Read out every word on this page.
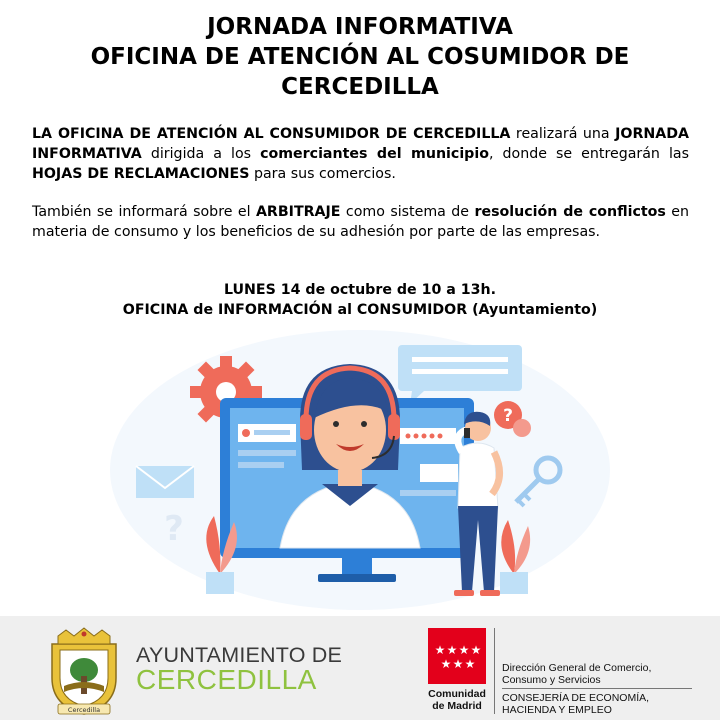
JORNADA INFORMATIVA
OFICINA DE ATENCIÓN AL COSUMIDOR DE
CERCEDILLA

LA OFICINA DE ATENCIÓN AL CONSUMIDOR DE CERCEDILLA realizará una JORNADA INFORMATIVA dirigida a los comerciantes del municipio, donde se entregarán las HOJAS DE RECLAMACIONES para sus comercios.

También se informará sobre el ARBITRAJE como sistema de resolución de conflictos en materia de consumo y los beneficios de su adhesión por parte de las empresas.

LUNES 14 de octubre de 10 a 13h.
OFICINA de INFORMACIÓN al CONSUMIDOR (Ayuntamiento)
?
?
Cercedilla
AYUNTAMIENTO DE
CERCEDILLA
★ ★ ★ ★
★ ★ ★
Comunidad
de Madrid
Dirección General de Comercio,
Consumo y Servicios
CONSEJERÍA DE ECONOMÍA,
HACIENDA Y EMPLEO
